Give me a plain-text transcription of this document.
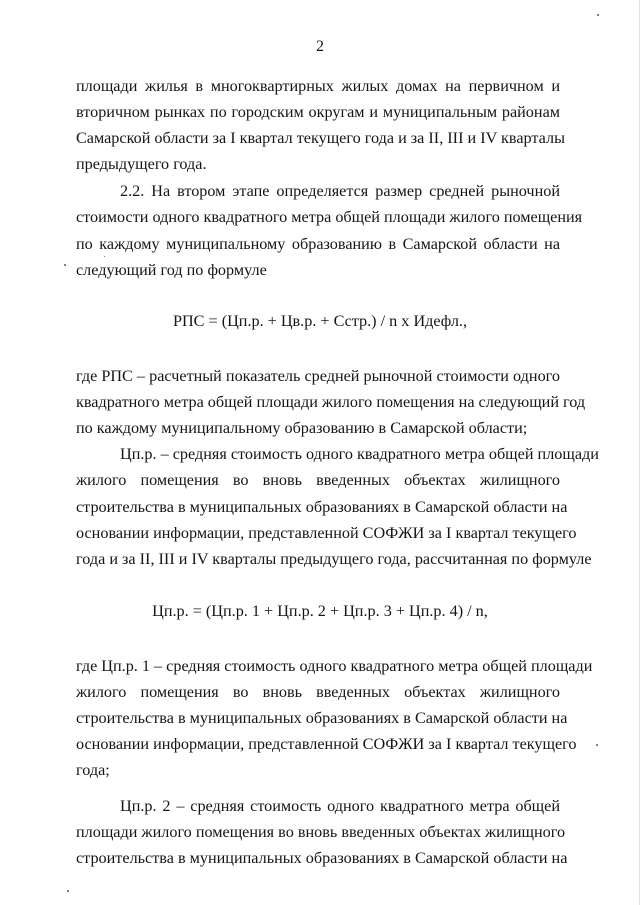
2
площади жилья в многоквартирных жилых домах на первичном и
вторичном рынках по городским округам и муниципальным районам
Самарской области за I квартал текущего года и за II, III и IV кварталы
предыдущего года.
2.2. На втором этапе определяется размер средней рыночной
стоимости одного квадратного метра общей площади жилого помещения
по каждому муниципальному образованию в Самарской области на
следующий год по формуле
РПС = (Цп.р. + Цв.р. + Сстр.) / n x Идефл.,
где РПС – расчетный показатель средней рыночной стоимости одного
квадратного метра общей площади жилого помещения на следующий год
по каждому муниципальному образованию в Самарской области;
Цп.р. – средняя стоимость одного квадратного метра общей площади
жилого помещения во вновь введенных объектах жилищного
строительства в муниципальных образованиях в Самарской области на
основании информации, представленной СОФЖИ за I квартал текущего
года и за II, III и IV кварталы предыдущего года, рассчитанная по формуле
Цп.р. = (Цп.р. 1 + Цп.р. 2 + Цп.р. 3 + Цп.р. 4) / n,
где Цп.р. 1 – средняя стоимость одного квадратного метра общей площади
жилого помещения во вновь введенных объектах жилищного
строительства в муниципальных образованиях в Самарской области на
основании информации, представленной СОФЖИ за I квартал текущего
года;
Цп.р. 2 – средняя стоимость одного квадратного метра общей
площади жилого помещения во вновь введенных объектах жилищного
строительства в муниципальных образованиях в Самарской области на
